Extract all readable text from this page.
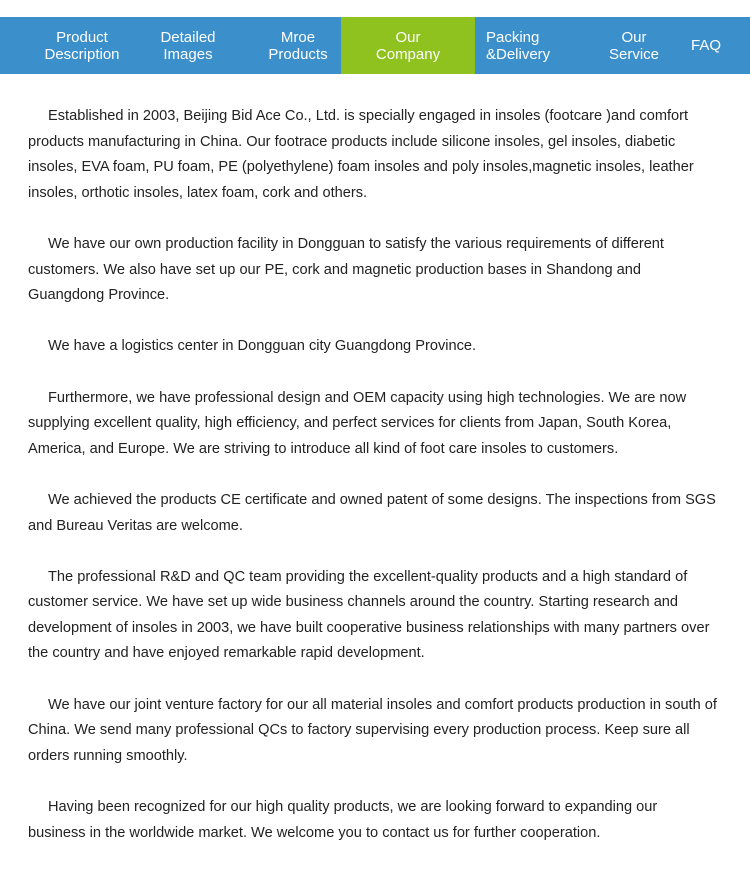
Product
Description
Detailed
Images
Mroe
Products
Our
Company
Packing
&Delivery
Our
Service	FAQ

Established in 2003, Beijing Bid Ace Co., Ltd. is specially engaged in insoles (footcare )and comfort products manufacturing in China. Our footrace products include silicone insoles, gel insoles, diabetic insoles, EVA foam, PU foam, PE (polyethylene) foam insoles and poly insoles,magnetic insoles, leather insoles, orthotic insoles, latex foam, cork and others.

We have our own production facility in Dongguan to satisfy the various requirements of different customers. We also have set up our PE, cork and magnetic production bases in Shandong and Guangdong Province.

We have a logistics center in Dongguan city Guangdong Province.

Furthermore, we have professional design and OEM capacity using high technologies. We are now supplying excellent quality, high efficiency, and perfect services for clients from Japan, South Korea, America, and Europe. We are striving to introduce all kind of foot care insoles to customers.

We achieved the products CE certificate and owned patent of some designs. The inspections from SGS and Bureau Veritas are welcome.

The professional R&D and QC team providing the excellent-quality products and a high standard of customer service. We have set up wide business channels around the country. Starting research and development of insoles in 2003, we have built cooperative business relationships with many partners over the country and have enjoyed remarkable rapid development.

We have our joint venture factory for our all material insoles and comfort products production in south of China. We send many professional QCs to factory supervising every production process. Keep sure all orders running smoothly.

Having been recognized for our high quality products, we are looking forward to expanding our business in the worldwide market. We welcome you to contact us for further cooperation.
